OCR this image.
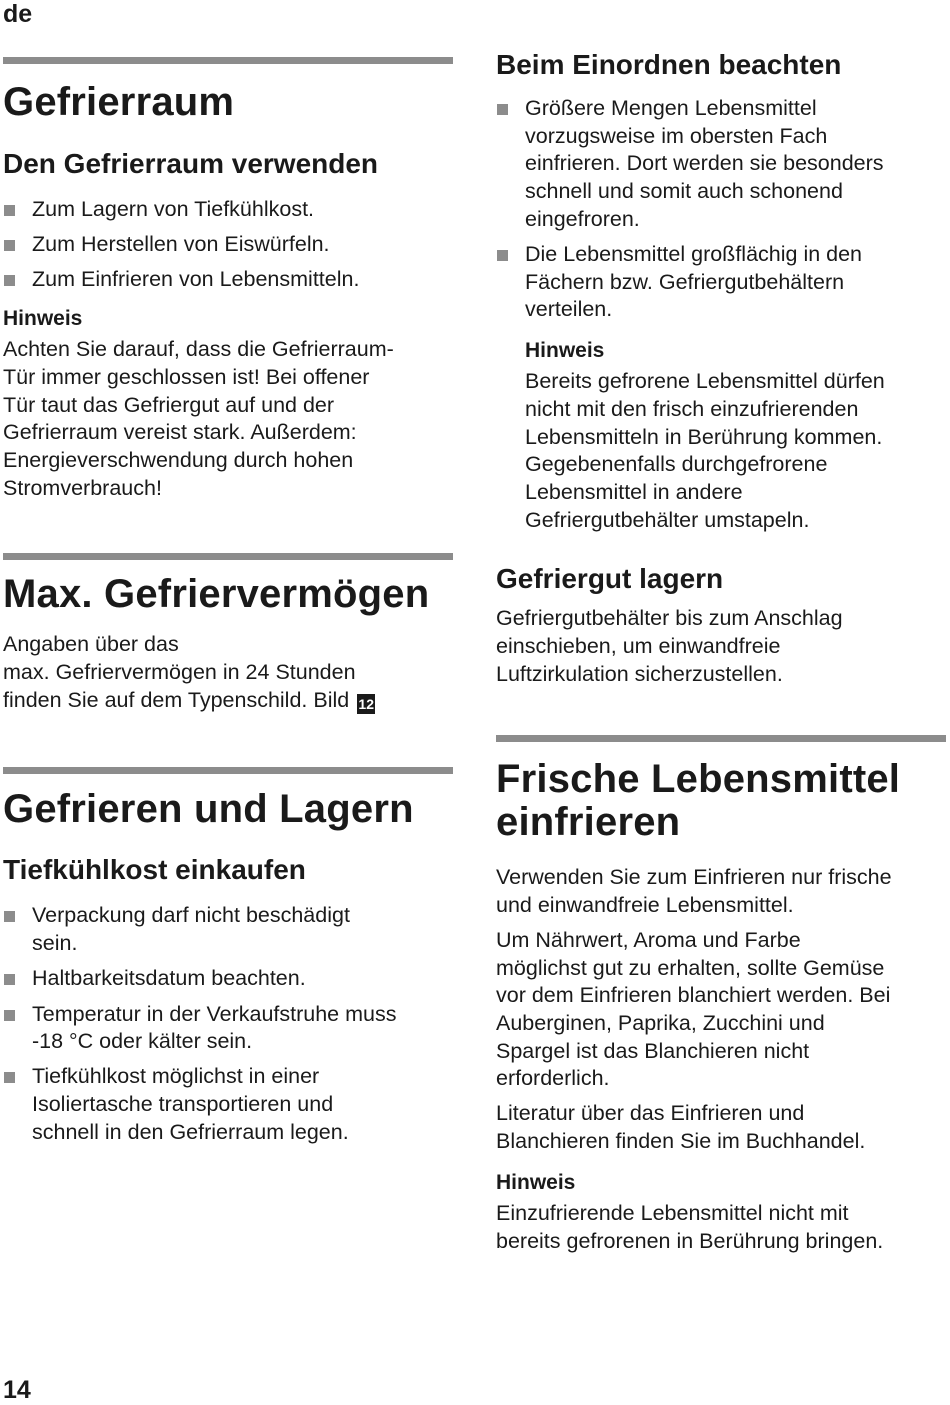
de
Gefrierraum
Den Gefrierraum verwenden
Zum Lagern von Tiefkühlkost.
Zum Herstellen von Eiswürfeln.
Zum Einfrieren von Lebensmitteln.
Hinweis

Achten Sie darauf, dass die Gefrierraum-
Tür immer geschlossen ist! Bei offener
Tür taut das Gefriergut auf und der
Gefrierraum vereist stark. Außerdem:
Energieverschwendung durch hohen
Stromverbrauch!

Max. Gefriervermögen

Angaben über das
max. Gefriervermögen in 24 Stunden
finden Sie auf dem Typenschild. Bild 12

Gefrieren und Lagern
Tiefkühlkost einkaufen
Verpackung darf nicht beschädigt
sein.
Haltbarkeitsdatum beachten.
Temperatur in der Verkaufstruhe muss
-18 °C oder kälter sein.
Tiefkühlkost möglichst in einer
Isoliertasche transportieren und
schnell in den Gefrierraum legen.
Beim Einordnen beachten
Größere Mengen Lebensmittel
vorzugsweise im obersten Fach
einfrieren. Dort werden sie besonders
schnell und somit auch schonend
eingefroren.
Die Lebensmittel großflächig in den
Fächern bzw. Gefriergutbehältern
verteilen.
Hinweis

Bereits gefrorene Lebensmittel dürfen
nicht mit den frisch einzufrierenden
Lebensmitteln in Berührung kommen.
Gegebenenfalls durchgefrorene
Lebensmittel in andere
Gefriergutbehälter umstapeln.

Gefriergut lagern

Gefriergutbehälter bis zum Anschlag
einschieben, um einwandfreie
Luftzirkulation sicherzustellen.

Frische Lebensmittel
einfrieren

Verwenden Sie zum Einfrieren nur frische
und einwandfreie Lebensmittel.

Um Nährwert, Aroma und Farbe
möglichst gut zu erhalten, sollte Gemüse
vor dem Einfrieren blanchiert werden. Bei
Auberginen, Paprika, Zucchini und
Spargel ist das Blanchieren nicht
erforderlich.

Literatur über das Einfrieren und
Blanchieren finden Sie im Buchhandel.

Hinweis

Einzufrierende Lebensmittel nicht mit
bereits gefrorenen in Berührung bringen.

14
